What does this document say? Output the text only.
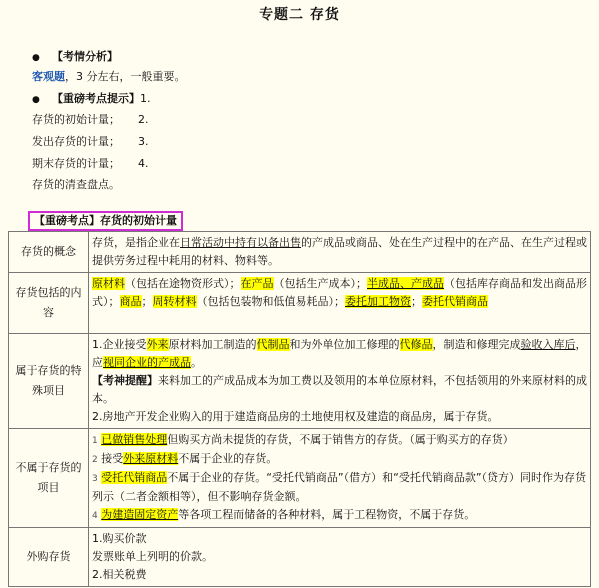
专题二 存货
● 【考情分析】
客观题，3 分左右，一般重要。
● 【重磅考点提示】1.
存货的初始计量； 2.
发出存货的计量； 3.
期末存货的计量； 4.
存货的清查盘点。
【重磅考点】存货的初始计量
存货的概念	存货，是指企业在日常活动中持有以备出售的产成品或商品、处在生产过程中的在产品、在生产过程或提供劳务过程中耗用的材料、物料等。
存货包括的内容	原材料（包括在途物资形式）；在产品（包括生产成本）；半成品、产成品（包括库存商品和发出商品形式）；商品；周转材料（包括包装物和低值易耗品）；委托加工物资；委托代销商品
属于存货的特殊项目	1.企业接受外来原材料加工制造的代制品和为外单位加工修理的代修品，制造和修理完成验收入库后，应视同企业的产成品。
【考神提醒】来料加工的产成品成本为加工费以及领用的本单位原材料，不包括领用的外来原材料的成本。
2.房地产开发企业购入的用于建造商品房的土地使用权及建造的商品房，属于存货。
不属于存货的项目	1 已做销售处理但购买方尚未提货的存货，不属于销售方的存货。（属于购买方的存货）
2 接受外来原材料不属于企业的存货。
3 受托代销商品不属于企业的存货。“受托代销商品”（借方）和“受托代销商品款”（贷方）同时作为存货列示（二者金额相等），但不影响存货金额。
4 为建造固定资产等各项工程而储备的各种材料，属于工程物资，不属于存货。
外购存货	1.购买价款
发票账单上列明的价款。
2.相关税费
